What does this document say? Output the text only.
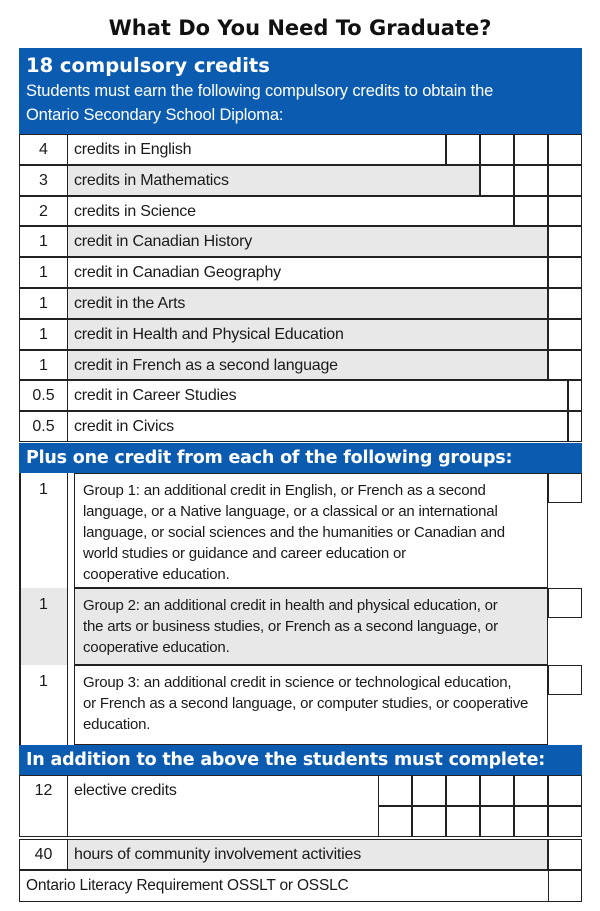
What Do You Need To Graduate?
18 compulsory credits
Students must earn the following compulsory credits to obtain the
Ontario Secondary School Diploma:
4	credits in English
3	credits in Mathematics
2	credits in Science
1	credit in Canadian History
1	credit in Canadian Geography
1	credit in the Arts
1	credit in Health and Physical Education
1	credit in French as a second language
0.5	credit in Career Studies
0.5	credit in Civics
Plus one credit from each of the following groups:
1	Group 1: an additional credit in English, or French as a second
language, or a Native language, or a classical or an international
language, or social sciences and the humanities or Canadian and
world studies or guidance and career education or
cooperative education.
1	Group 2: an additional credit in health and physical education, or
the arts or business studies, or French as a second language, or
cooperative education.
1	Group 3: an additional credit in science or technological education,
or French as a second language, or computer studies, or cooperative
education.
In addition to the above the students must complete:
12	elective credits
40	hours of community involvement activities
Ontario Literacy Requirement OSSLT or OSSLC
